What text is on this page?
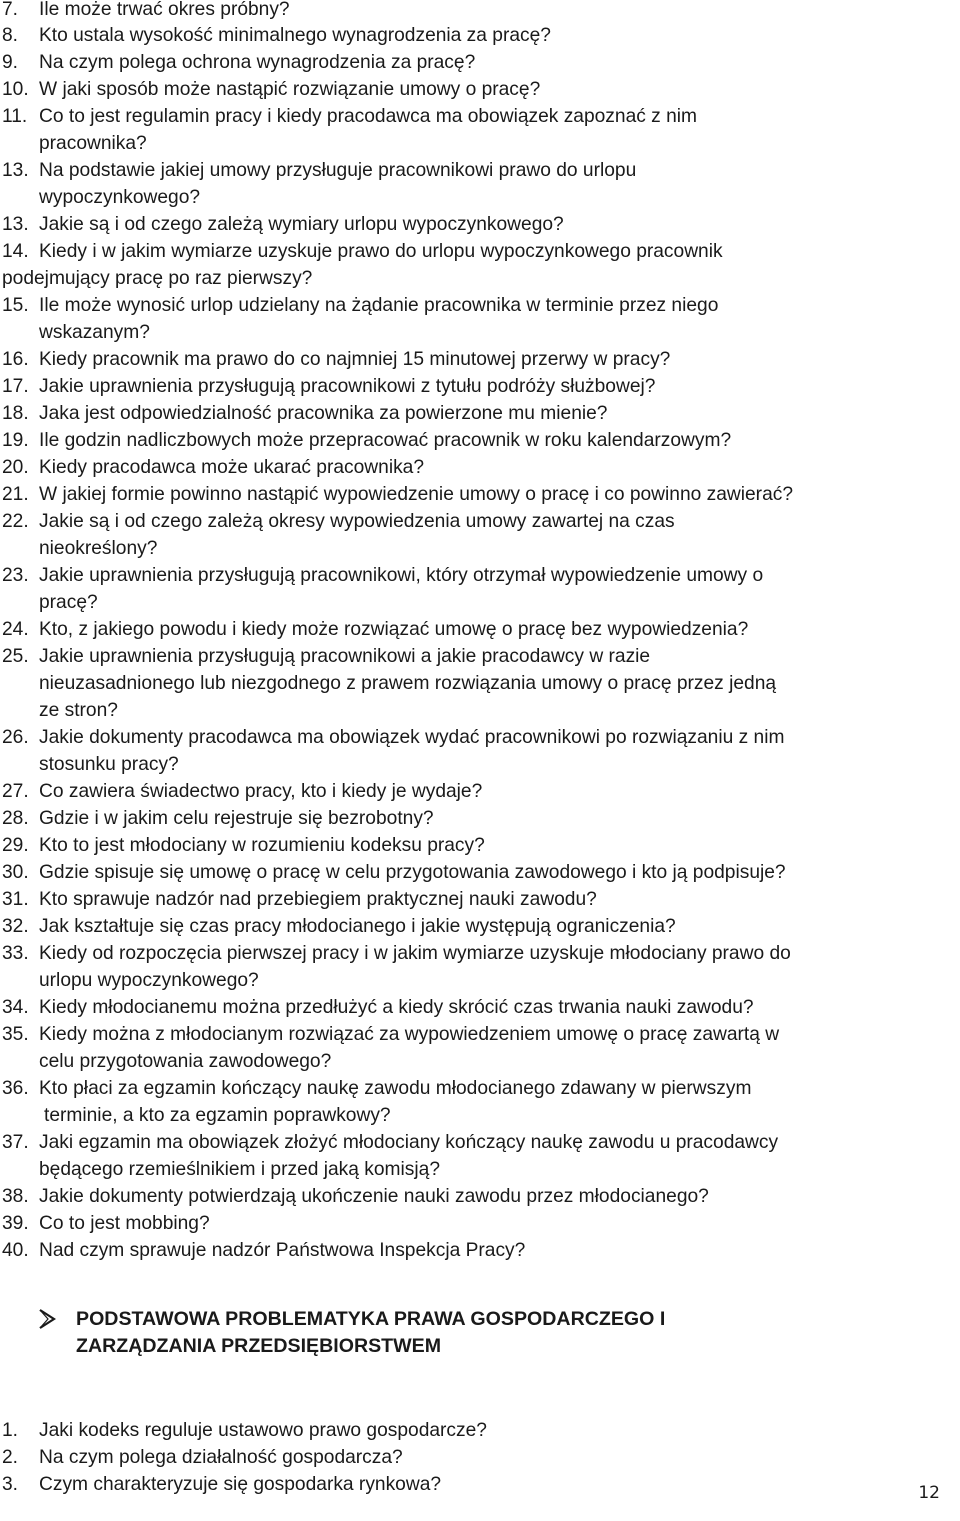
7. Ile może trwać okres próbny?
8. Kto ustala wysokość minimalnego wynagrodzenia za pracę?
9. Na czym polega ochrona wynagrodzenia za pracę?
10. W jaki sposób może nastąpić rozwiązanie umowy o pracę?
11. Co to jest regulamin pracy i kiedy pracodawca ma obowiązek zapoznać z nim
pracownika?
13. Na podstawie jakiej umowy przysługuje pracownikowi prawo do urlopu
wypoczynkowego?
13. Jakie są i od czego zależą wymiary urlopu wypoczynkowego?
14. Kiedy i w jakim wymiarze uzyskuje prawo do urlopu wypoczynkowego pracownik
podejmujący pracę po raz pierwszy?
15. Ile może wynosić urlop udzielany na żądanie pracownika w terminie przez niego
wskazanym?
16. Kiedy pracownik ma prawo do co najmniej 15 minutowej przerwy w pracy?
17. Jakie uprawnienia przysługują pracownikowi z tytułu podróży służbowej?
18. Jaka jest odpowiedzialność pracownika za powierzone mu mienie?
19. Ile godzin nadliczbowych może przepracować pracownik w roku kalendarzowym?
20. Kiedy pracodawca może ukarać pracownika?
21. W jakiej formie powinno nastąpić wypowiedzenie umowy o pracę i co powinno zawierać?
22. Jakie są i od czego zależą okresy wypowiedzenia umowy zawartej na czas
nieokreślony?
23. Jakie uprawnienia przysługują pracownikowi, który otrzymał wypowiedzenie umowy o
pracę?
24. Kto, z jakiego powodu i kiedy może rozwiązać umowę o pracę bez wypowiedzenia?
25. Jakie uprawnienia przysługują pracownikowi a jakie pracodawcy w razie
nieuzasadnionego lub niezgodnego z prawem rozwiązania umowy o pracę przez jedną
ze stron?
26. Jakie dokumenty pracodawca ma obowiązek wydać pracownikowi po rozwiązaniu z nim
stosunku pracy?
27. Co zawiera świadectwo pracy, kto i kiedy je wydaje?
28. Gdzie i w jakim celu rejestruje się bezrobotny?
29. Kto to jest młodociany w rozumieniu kodeksu pracy?
30. Gdzie spisuje się umowę o pracę w celu przygotowania zawodowego i kto ją podpisuje?
31. Kto sprawuje nadzór nad przebiegiem praktycznej nauki zawodu?
32. Jak kształtuje się czas pracy młodocianego i jakie występują ograniczenia?
33. Kiedy od rozpoczęcia pierwszej pracy i w jakim wymiarze uzyskuje młodociany prawo do
urlopu wypoczynkowego?
34. Kiedy młodocianemu można przedłużyć a kiedy skrócić czas trwania nauki zawodu?
35. Kiedy można z młodocianym rozwiązać za wypowiedzeniem umowę o pracę zawartą w
celu przygotowania zawodowego?
36. Kto płaci za egzamin kończący naukę zawodu młodocianego zdawany w pierwszym
terminie, a kto za egzamin poprawkowy?
37. Jaki egzamin ma obowiązek złożyć młodociany kończący naukę zawodu u pracodawcy
będącego rzemieślnikiem i przed jaką komisją?
38. Jakie dokumenty potwierdzają ukończenie nauki zawodu przez młodocianego?
39. Co to jest mobbing?
40. Nad czym sprawuje nadzór Państwowa Inspekcja Pracy?
PODSTAWOWA PROBLEMATYKA PRAWA GOSPODARCZEGO I
ZARZĄDZANIA PRZEDSIĘBIORSTWEM
1. Jaki kodeks reguluje ustawowo prawo gospodarcze?
2. Na czym polega działalność gospodarcza?
3. Czym charakteryzuje się gospodarka rynkowa?	12
